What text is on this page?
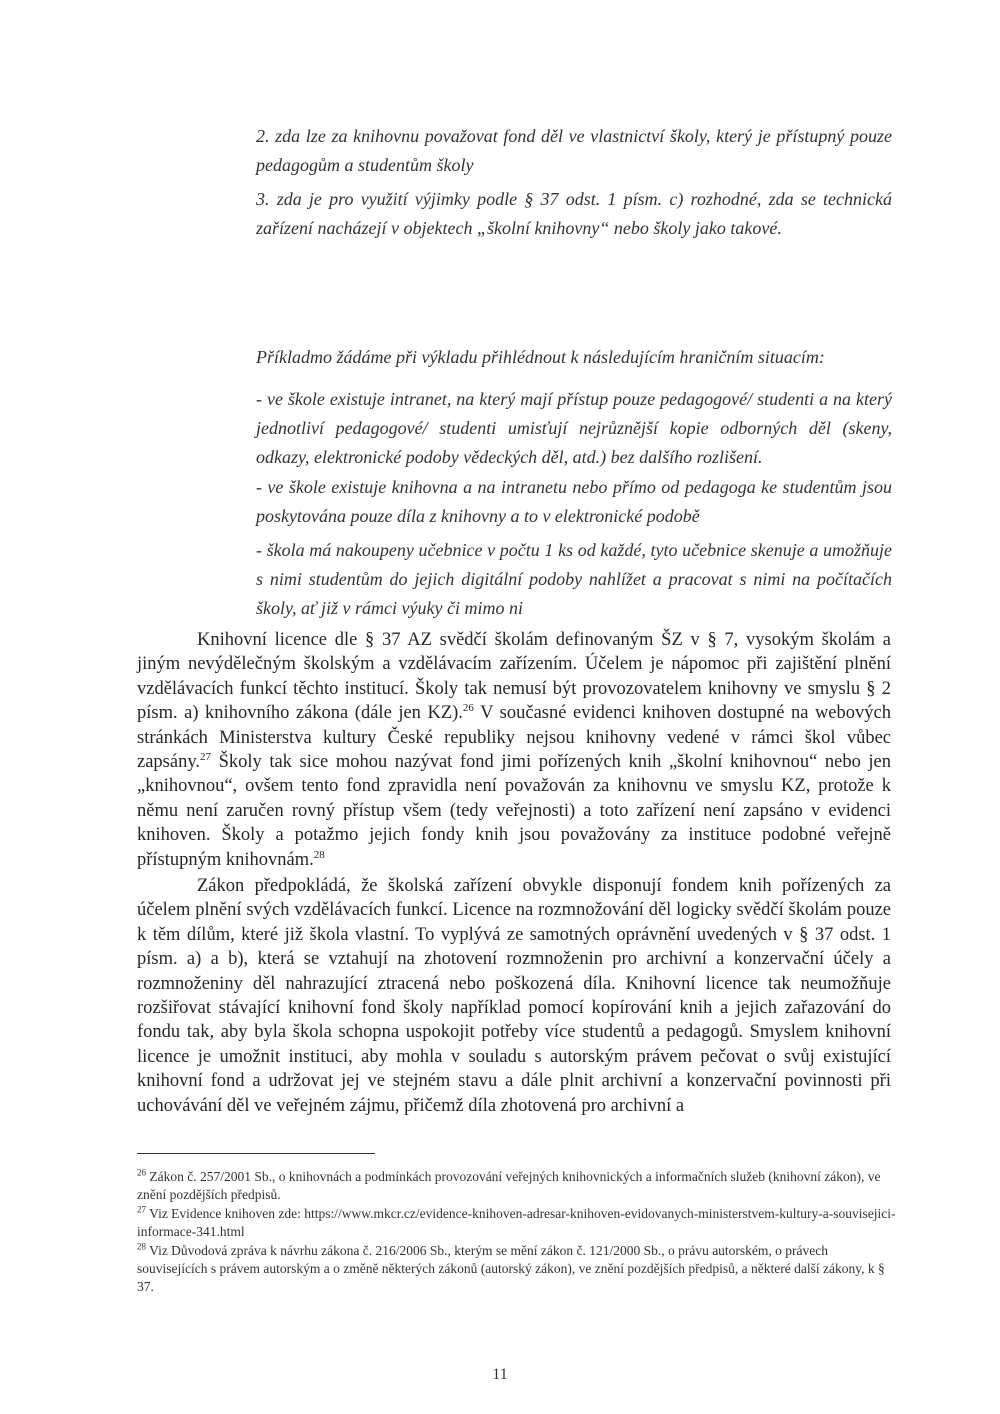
2. zda lze za knihovnu považovat fond děl ve vlastnictví školy, který je přístupný pouze pedagogům a studentům školy
3. zda je pro využití výjimky podle § 37 odst. 1 písm. c) rozhodné, zda se technická zařízení nacházejí v objektech „školní knihovny“ nebo školy jako takové.
Příkladmo žádáme při výkladu přihlédnout k následujícím hraničním situacím:
- ve škole existuje intranet, na který mají přístup pouze pedagogové/ studenti a na který jednotliví pedagogové/ studenti umisťují nejrůznější kopie odborných děl (skeny, odkazy, elektronické podoby vědeckých děl, atd.) bez dalšího rozlišení.
- ve škole existuje knihovna a na intranetu nebo přímo od pedagoga ke studentům jsou poskytována pouze díla z knihovny a to v elektronické podobě
- škola má nakoupeny učebnice v počtu 1 ks od každé, tyto učebnice skenuje a umožňuje s nimi studentům do jejich digitální podoby nahlížet a pracovat s nimi na počítačích školy, ať již v rámci výuky či mimo ni
Knihovní licence dle § 37 AZ svědčí školám definovaným ŠZ v § 7, vysokým školám a jiným nevýdělečným školským a vzdělávacím zařízením. Účelem je nápomoc při zajištění plnění vzdělávacích funkcí těchto institucí. Školy tak nemusí být provozovatelem knihovny ve smyslu § 2 písm. a) knihovního zákona (dále jen KZ).$^{26}$ V současné evidenci knihoven dostupné na webových stránkách Ministerstva kultury České republiky nejsou knihovny vedené v rámci škol vůbec zapsány.$^{27}$ Školy tak sice mohou nazývat fond jimi pořízených knih „školní knihovnou“ nebo jen „knihovnou“, ovšem tento fond zpravidla není považován za knihovnu ve smyslu KZ, protože k němu není zaručen rovný přístup všem (tedy veřejnosti) a toto zařízení není zapsáno v evidenci knihoven. Školy a potažmo jejich fondy knih jsou považovány za instituce podobné veřejně přístupným knihovnám.$^{28}$
Zákon předpokládá, že školská zařízení obvykle disponují fondem knih pořízených za účelem plnění svých vzdělávacích funkcí. Licence na rozmnožování děl logicky svědčí školám pouze k těm dílům, které již škola vlastní. To vyplývá ze samotných oprávnění uvedených v § 37 odst. 1 písm. a) a b), která se vztahují na zhotovení rozmnoženin pro archivní a konzervační účely a rozmnoženiny děl nahrazující ztracená nebo poškozená díla. Knihovní licence tak neumožňuje rozšiřovat stávající knihovní fond školy například pomocí kopírování knih a jejich zařazování do fondu tak, aby byla škola schopna uspokojit potřeby více studentů a pedagogů. Smyslem knihovní licence je umožnit instituci, aby mohla v souladu s autorským právem pečovat o svůj existující knihovní fond a udržovat jej ve stejném stavu a dále plnit archivní a konzervační povinnosti při uchovávání děl ve veřejném zájmu, přičemž díla zhotovená pro archivní a
$^{26}$ Zákon č. 257/2001 Sb., o knihovnách a podmínkách provozování veřejných knihovnických a informačních služeb (knihovní zákon), ve znění pozdějších předpisů.
$^{27}$ Viz Evidence knihoven zde: https://www.mkcr.cz/evidence-knihoven-adresar-knihoven-evidovanych-ministerstvem-kultury-a-souvisejici-informace-341.html
$^{28}$ Viz Důvodová zpráva k návrhu zákona č. 216/2006 Sb., kterým se mění zákon č. 121/2000 Sb., o právu autorském, o právech souvisejících s právem autorským a o změně některých zákonů (autorský zákon), ve znění pozdějších předpisů, a některé další zákony, k § 37.
11
